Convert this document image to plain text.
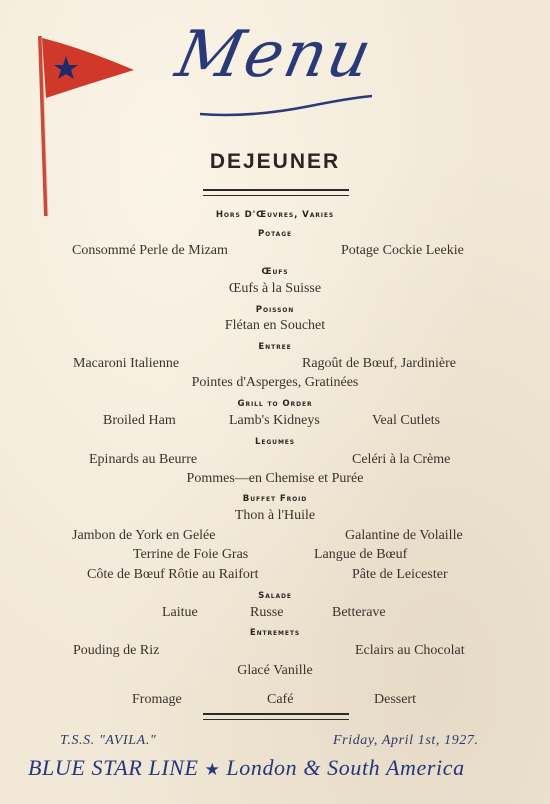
Menu
DEJEUNER
Hors D'Œuvres, Varies
Potage
Consommé Perle de Mizam	Potage Cockie Leekie
Œufs
Œufs à la Suisse
Poisson
Flétan en Souchet
Entree
Macaroni Italienne	Ragoût de Bœuf, Jardinière
Pointes d'Asperges, Gratinées
Grill to Order
Broiled Ham	Lamb's Kidneys	Veal Cutlets
Legumes
Epinards au Beurre	Celéri à la Crème
Pommes—en Chemise et Purée
Buffet Froid
Thon à l'Huile
Jambon de York en Gelée	Galantine de Volaille
Terrine de Foie Gras	Langue de Bœuf
Côte de Bœuf Rôtie au Raifort	Pâte de Leicester
Salade
Laitue	Russe	Betterave
Entremets
Pouding de Riz	Eclairs au Chocolat
Glacé Vanille
Fromage	Café	Dessert
T.S.S. "AVILA."	Friday, April 1st, 1927.
BLUE STAR LINE ★ London & South America
